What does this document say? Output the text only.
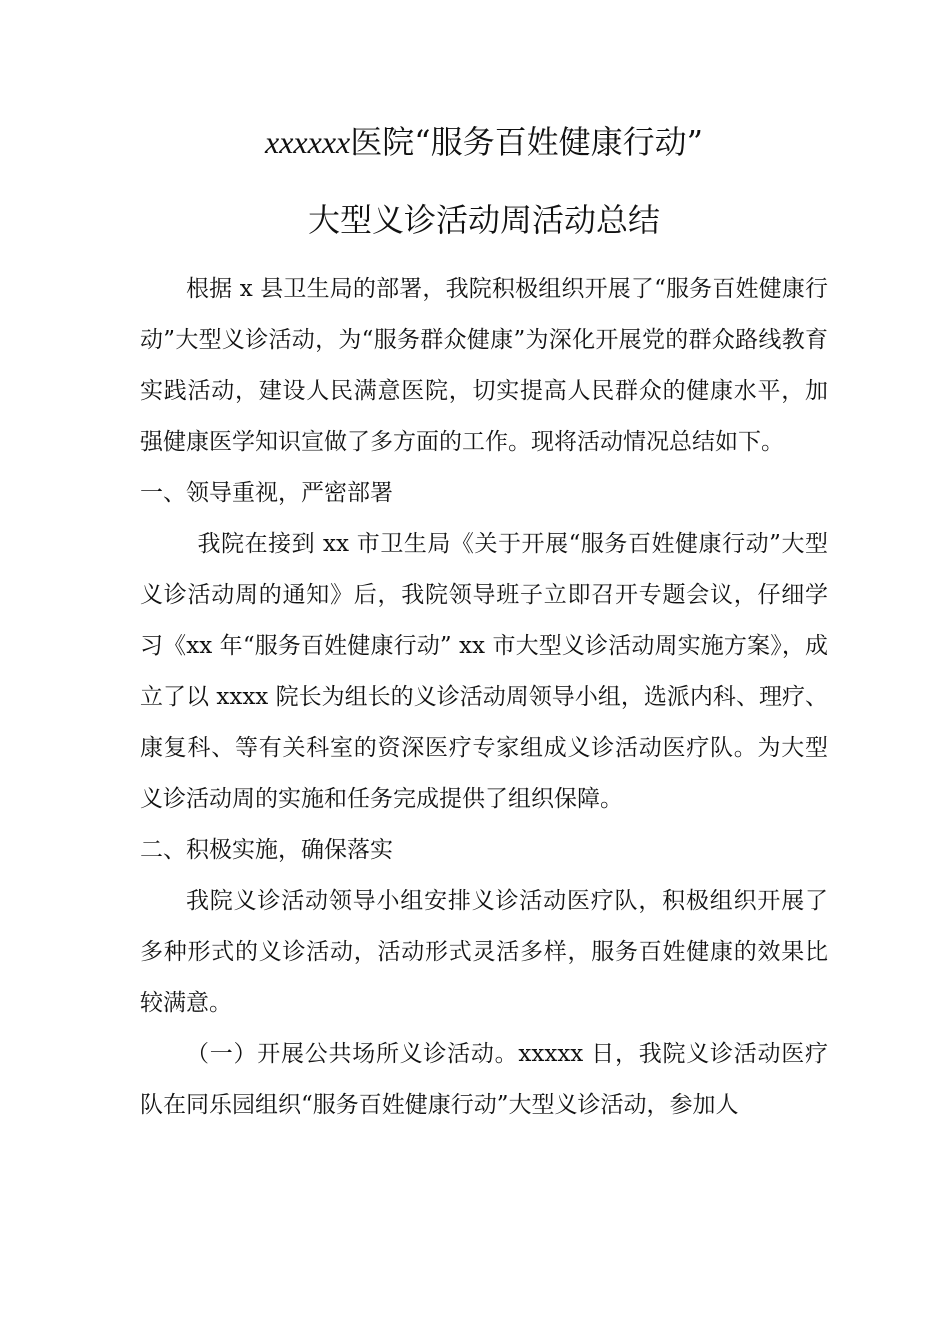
xxxxxx医院“服务百姓健康行动”
大型义诊活动周活动总结

根据 x 县卫生局的部署，我院积极组织开展了“服务百姓健康行动”大型义诊活动，为“服务群众健康”为深化开展党的群众路线教育实践活动，建设人民满意医院，切实提高人民群众的健康水平，加强健康医学知识宣做了多方面的工作。现将活动情况总结如下。

一、领导重视，严密部署

我院在接到 xx 市卫生局《关于开展“服务百姓健康行动”大型义诊活动周的通知》后，我院领导班子立即召开专题会议，仔细学习《xx 年“服务百姓健康行动” xx 市大型义诊活动周实施方案》，成立了以 xxxx 院长为组长的义诊活动周领导小组，选派内科、理疗、康复科、等有关科室的资深医疗专家组成义诊活动医疗队。为大型义诊活动周的实施和任务完成提供了组织保障。

二、积极实施，确保落实

我院义诊活动领导小组安排义诊活动医疗队，积极组织开展了多种形式的义诊活动，活动形式灵活多样，服务百姓健康的效果比较满意。

（一）开展公共场所义诊活动。xxxxx 日，我院义诊活动医疗队在同乐园组织“服务百姓健康行动”大型义诊活动，参加人
